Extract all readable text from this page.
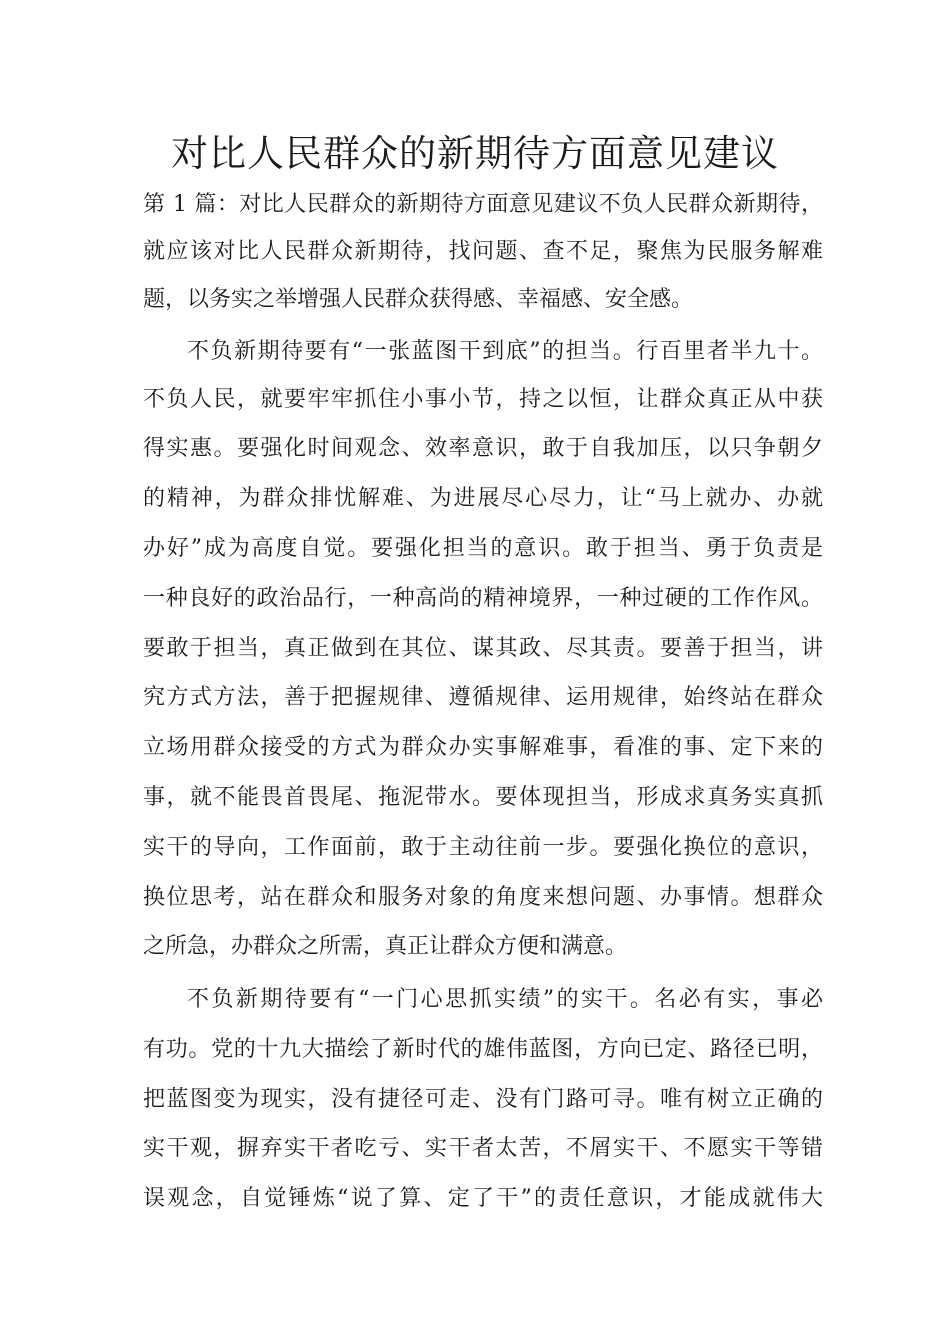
对比人民群众的新期待方面意见建议

第 1 篇：对比人民群众的新期待方面意见建议不负人民群众新期待，

就应该对比人民群众新期待，找问题、查不足，聚焦为民服务解难

题，以务实之举增强人民群众获得感、幸福感、安全感。

不负新期待要有“一张蓝图干到底”的担当。行百里者半九十。

不负人民，就要牢牢抓住小事小节，持之以恒，让群众真正从中获

得实惠。要强化时间观念、效率意识，敢于自我加压，以只争朝夕

的精神，为群众排忧解难、为进展尽心尽力，让“马上就办、办就

办好”成为高度自觉。要强化担当的意识。敢于担当、勇于负责是

一种良好的政治品行，一种高尚的精神境界，一种过硬的工作作风。

要敢于担当，真正做到在其位、谋其政、尽其责。要善于担当，讲

究方式方法，善于把握规律、遵循规律、运用规律，始终站在群众

立场用群众接受的方式为群众办实事解难事，看准的事、定下来的

事，就不能畏首畏尾、拖泥带水。要体现担当，形成求真务实真抓

实干的导向，工作面前，敢于主动往前一步。要强化换位的意识，

换位思考，站在群众和服务对象的角度来想问题、办事情。想群众

之所急，办群众之所需，真正让群众方便和满意。

不负新期待要有“一门心思抓实绩”的实干。名必有实，事必

有功。党的十九大描绘了新时代的雄伟蓝图，方向已定、路径已明，

把蓝图变为现实，没有捷径可走、没有门路可寻。唯有树立正确的

实干观，摒弃实干者吃亏、实干者太苦，不屑实干、不愿实干等错

误观念，自觉锤炼“说了算、定了干”的责任意识，才能成就伟大
